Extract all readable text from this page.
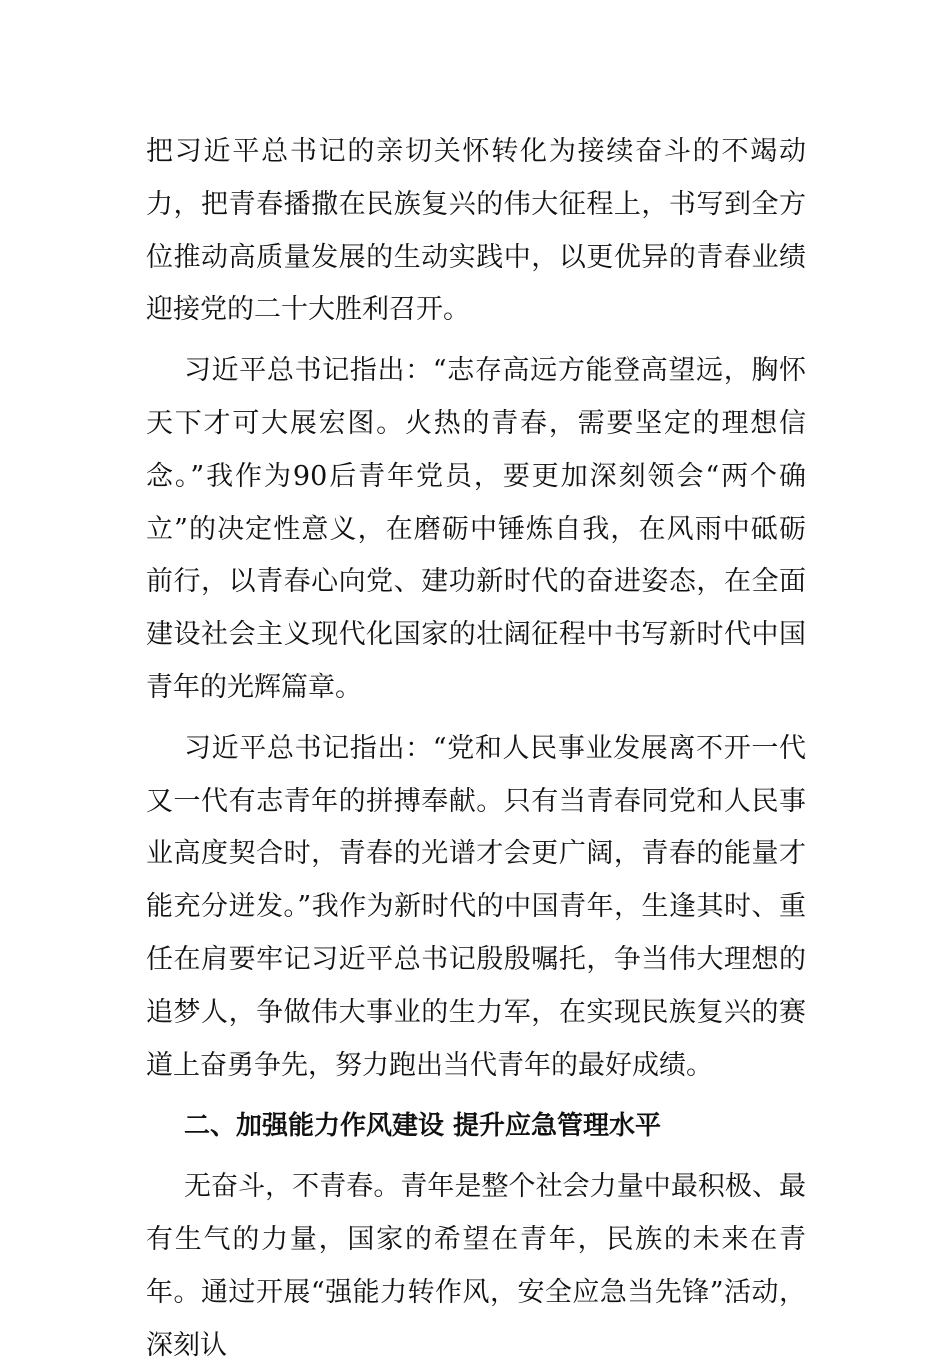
把习近平总书记的亲切关怀转化为接续奋斗的不竭动力，把青春播撒在民族复兴的伟大征程上，书写到全方位推动高质量发展的生动实践中，以更优异的青春业绩迎接党的二十大胜利召开。

习近平总书记指出：“志存高远方能登高望远，胸怀天下才可大展宏图。火热的青春，需要坚定的理想信念。”我作为90后青年党员，要更加深刻领会“两个确立”的决定性意义，在磨砺中锤炼自我，在风雨中砥砺前行，以青春心向党、建功新时代的奋进姿态，在全面建设社会主义现代化国家的壮阔征程中书写新时代中国青年的光辉篇章。

习近平总书记指出：“党和人民事业发展离不开一代又一代有志青年的拼搏奉献。只有当青春同党和人民事业高度契合时，青春的光谱才会更广阔，青春的能量才能充分迸发。”我作为新时代的中国青年，生逢其时、重任在肩要牢记习近平总书记殷殷嘱托，争当伟大理想的追梦人，争做伟大事业的生力军，在实现民族复兴的赛道上奋勇争先，努力跑出当代青年的最好成绩。

二、加强能力作风建设 提升应急管理水平

无奋斗，不青春。青年是整个社会力量中最积极、最有生气的力量，国家的希望在青年，民族的未来在青年。通过开展“强能力转作风，安全应急当先锋”活动，深刻认
